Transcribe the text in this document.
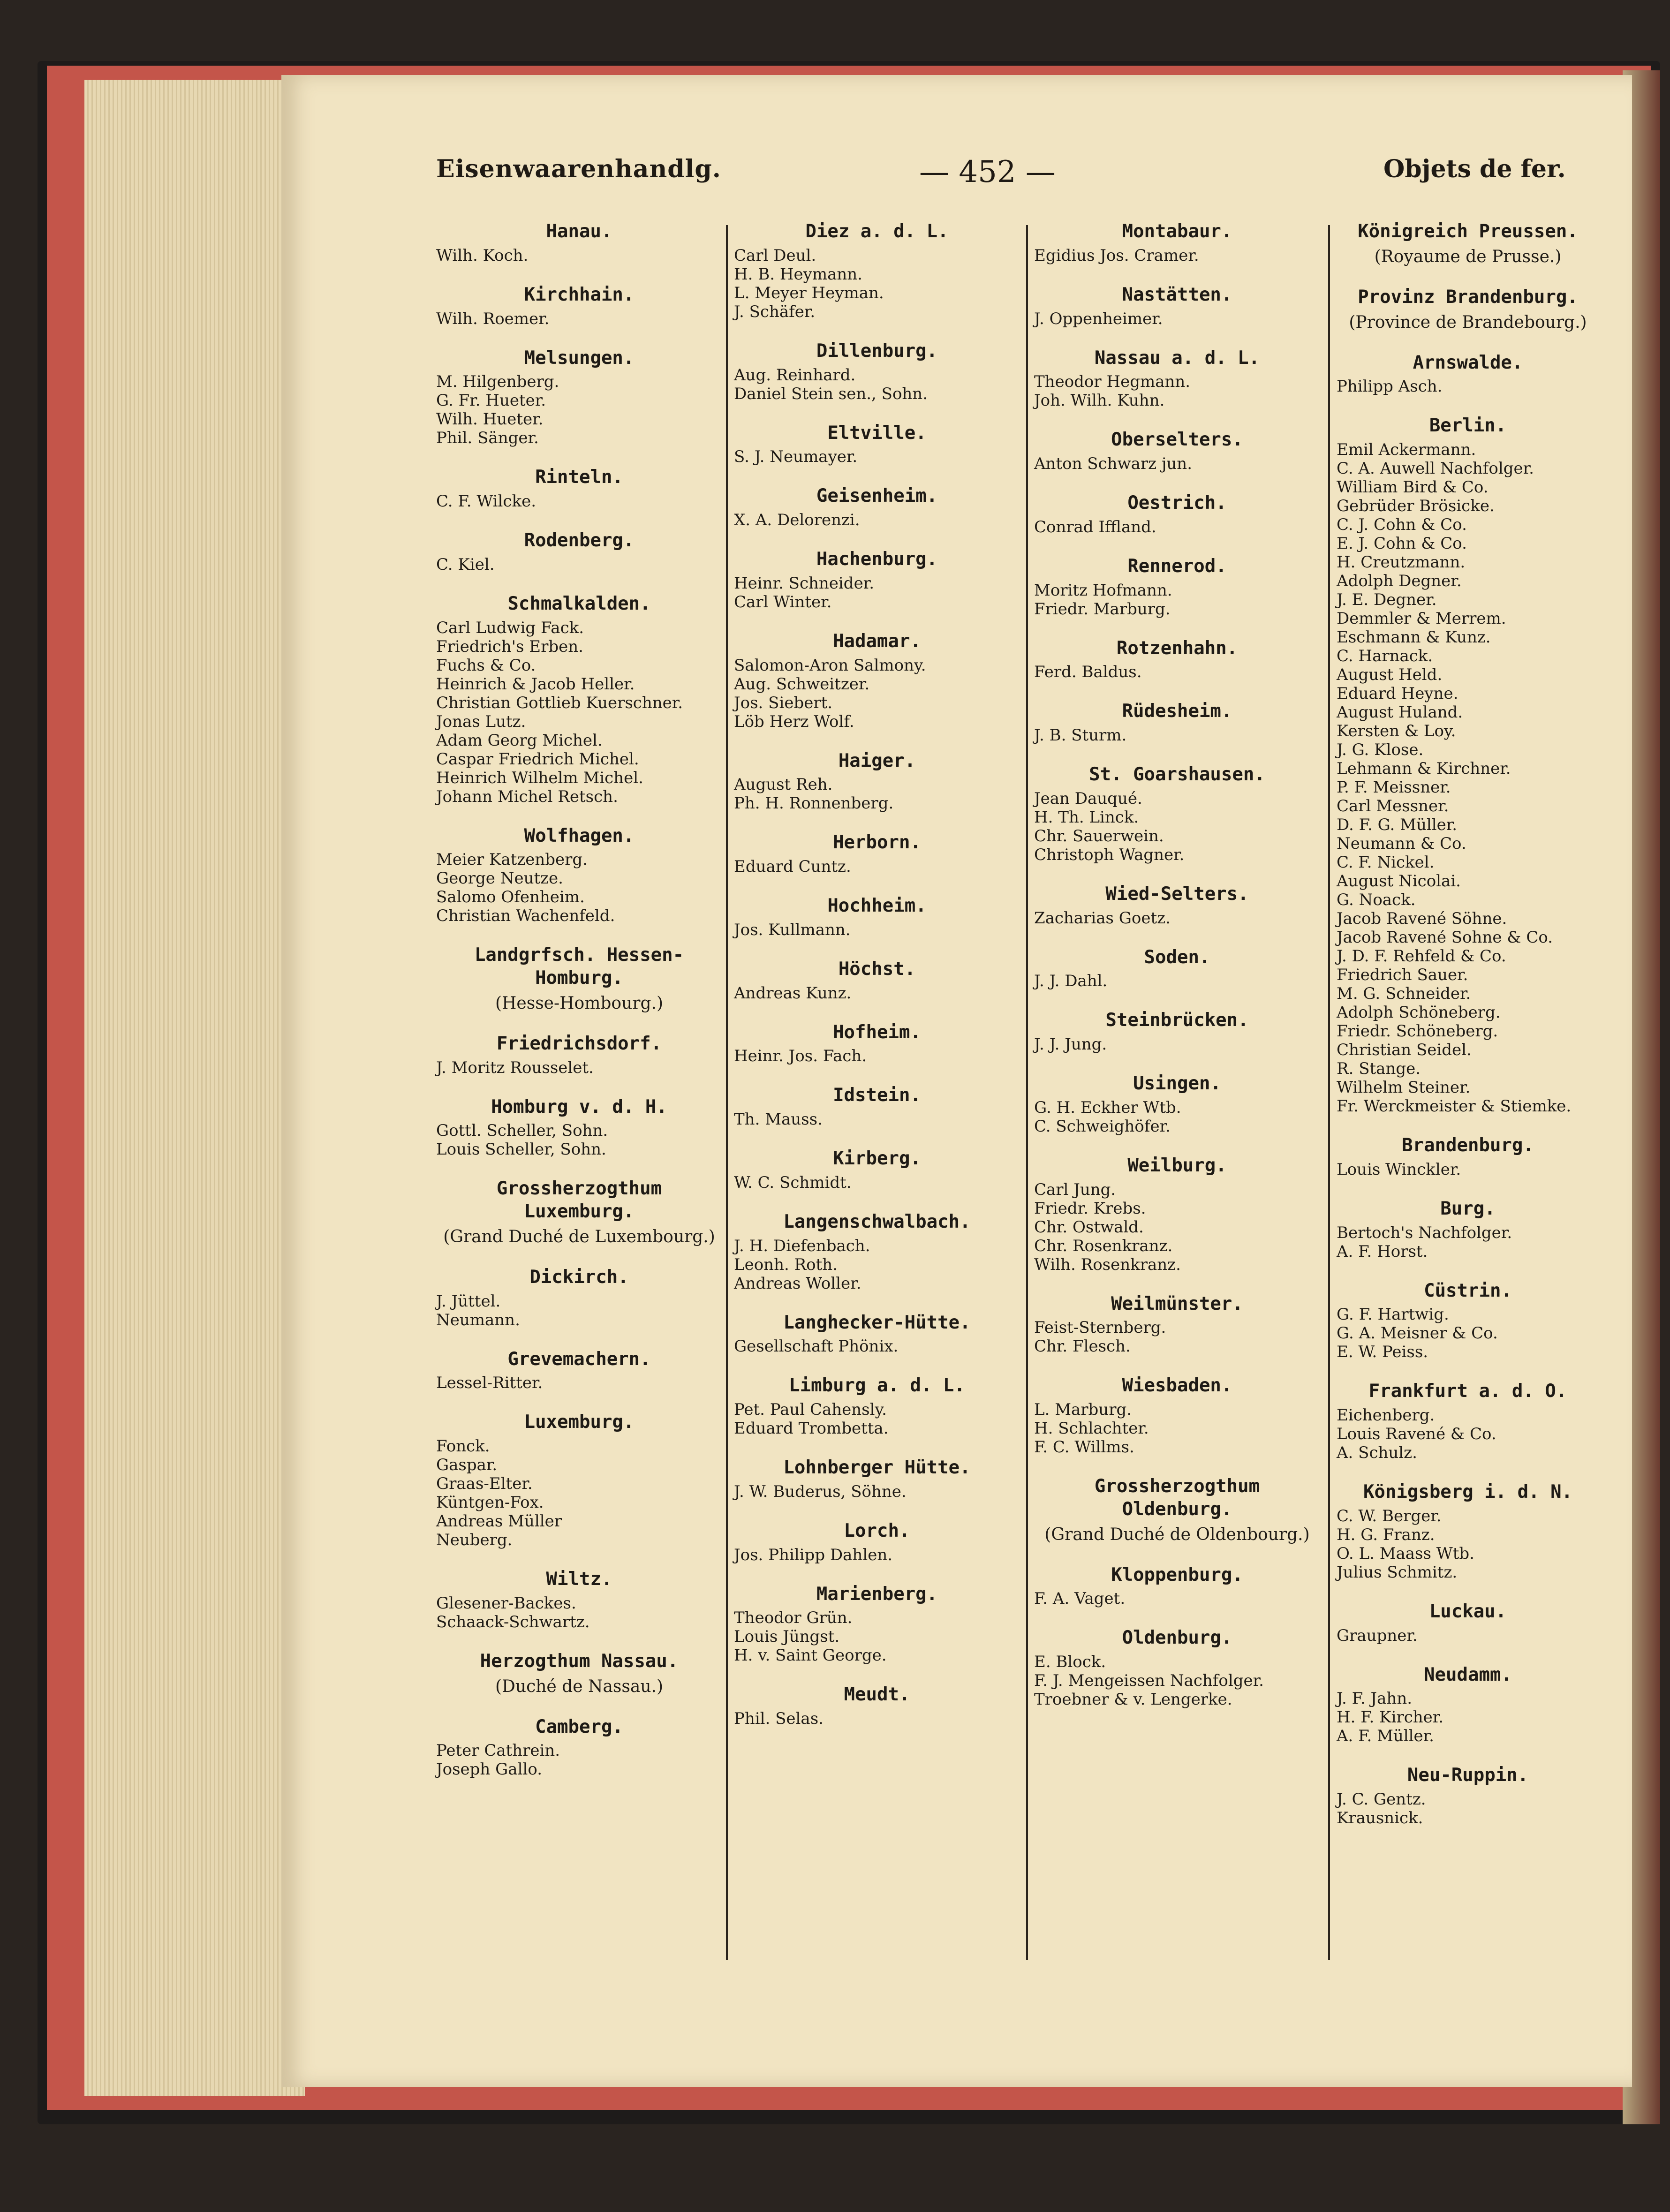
Eisenwaarenhandlg.	— 452 —	Objets de fer.
Hanau.
Wilh. Koch.
Kirchhain.
Wilh. Roemer.
Melsungen.
M. Hilgenberg.
G. Fr. Hueter.
Wilh. Hueter.
Phil. Sänger.
Rinteln.
C. F. Wilcke.
Rodenberg.
C. Kiel.
Schmalkalden.
Carl Ludwig Fack.
Friedrich's Erben.
Fuchs & Co.
Heinrich & Jacob Heller.
Christian Gottlieb Kuerschner.
Jonas Lutz.
Adam Georg Michel.
Caspar Friedrich Michel.
Heinrich Wilhelm Michel.
Johann Michel Retsch.
Wolfhagen.
Meier Katzenberg.
George Neutze.
Salomo Ofenheim.
Christian Wachenfeld.
Landgrfsch. Hessen-Homburg.
(Hesse-Hombourg.)
Friedrichsdorf.
J. Moritz Rousselet.
Homburg v. d. H.
Gottl. Scheller, Sohn.
Louis Scheller, Sohn.
Grossherzogthum Luxemburg.
(Grand Duché de Luxembourg.)
Dickirch.
J. Jüttel.
Neumann.
Grevemachern.
Lessel-Ritter.
Luxemburg.
Fonck.
Gaspar.
Graas-Elter.
Küntgen-Fox.
Andreas Müller
Neuberg.
Wiltz.
Glesener-Backes.
Schaack-Schwartz.
Herzogthum Nassau.
(Duché de Nassau.)
Camberg.
Peter Cathrein.
Joseph Gallo.
Diez a. d. L.
Carl Deul.
H. B. Heymann.
L. Meyer Heyman.
J. Schäfer.
Dillenburg.
Aug. Reinhard.
Daniel Stein sen., Sohn.
Eltville.
S. J. Neumayer.
Geisenheim.
X. A. Delorenzi.
Hachenburg.
Heinr. Schneider.
Carl Winter.
Hadamar.
Salomon-Aron Salmony.
Aug. Schweitzer.
Jos. Siebert.
Löb Herz Wolf.
Haiger.
August Reh.
Ph. H. Ronnenberg.
Herborn.
Eduard Cuntz.
Hochheim.
Jos. Kullmann.
Höchst.
Andreas Kunz.
Hofheim.
Heinr. Jos. Fach.
Idstein.
Th. Mauss.
Kirberg.
W. C. Schmidt.
Langenschwalbach.
J. H. Diefenbach.
Leonh. Roth.
Andreas Woller.
Langhecker-Hütte.
Gesellschaft Phönix.
Limburg a. d. L.
Pet. Paul Cahensly.
Eduard Trombetta.
Lohnberger Hütte.
J. W. Buderus, Söhne.
Lorch.
Jos. Philipp Dahlen.
Marienberg.
Theodor Grün.
Louis Jüngst.
H. v. Saint George.
Meudt.
Phil. Selas.
Montabaur.
Egidius Jos. Cramer.
Nastätten.
J. Oppenheimer.
Nassau a. d. L.
Theodor Hegmann.
Joh. Wilh. Kuhn.
Oberselters.
Anton Schwarz jun.
Oestrich.
Conrad Iffland.
Rennerod.
Moritz Hofmann.
Friedr. Marburg.
Rotzenhahn.
Ferd. Baldus.
Rüdesheim.
J. B. Sturm.
St. Goarshausen.
Jean Dauqué.
H. Th. Linck.
Chr. Sauerwein.
Christoph Wagner.
Wied-Selters.
Zacharias Goetz.
Soden.
J. J. Dahl.
Steinbrücken.
J. J. Jung.
Usingen.
G. H. Eckher Wtb.
C. Schweighöfer.
Weilburg.
Carl Jung.
Friedr. Krebs.
Chr. Ostwald.
Chr. Rosenkranz.
Wilh. Rosenkranz.
Weilmünster.
Feist-Sternberg.
Chr. Flesch.
Wiesbaden.
L. Marburg.
H. Schlachter.
F. C. Willms.
Grossherzogthum Oldenburg.
(Grand Duché de Oldenbourg.)
Kloppenburg.
F. A. Vaget.
Oldenburg.
E. Block.
F. J. Mengeissen Nachfolger.
Troebner & v. Lengerke.
Königreich Preussen.
(Royaume de Prusse.)
Provinz Brandenburg.
(Province de Brandebourg.)
Arnswalde.
Philipp Asch.
Berlin.
Emil Ackermann.
C. A. Auwell Nachfolger.
William Bird & Co.
Gebrüder Brösicke.
C. J. Cohn & Co.
E. J. Cohn & Co.
H. Creutzmann.
Adolph Degner.
J. E. Degner.
Demmler & Merrem.
Eschmann & Kunz.
C. Harnack.
August Held.
Eduard Heyne.
August Huland.
Kersten & Loy.
J. G. Klose.
Lehmann & Kirchner.
P. F. Meissner.
Carl Messner.
D. F. G. Müller.
Neumann & Co.
C. F. Nickel.
August Nicolai.
G. Noack.
Jacob Ravené Söhne.
Jacob Ravené Sohne & Co.
J. D. F. Rehfeld & Co.
Friedrich Sauer.
M. G. Schneider.
Adolph Schöneberg.
Friedr. Schöneberg.
Christian Seidel.
R. Stange.
Wilhelm Steiner.
Fr. Werckmeister & Stiemke.
Brandenburg.
Louis Winckler.
Burg.
Bertoch's Nachfolger.
A. F. Horst.
Cüstrin.
G. F. Hartwig.
G. A. Meisner & Co.
E. W. Peiss.
Frankfurt a. d. O.
Eichenberg.
Louis Ravené & Co.
A. Schulz.
Königsberg i. d. N.
C. W. Berger.
H. G. Franz.
O. L. Maass Wtb.
Julius Schmitz.
Luckau.
Graupner.
Neudamm.
J. F. Jahn.
H. F. Kircher.
A. F. Müller.
Neu-Ruppin.
J. C. Gentz.
Krausnick.
